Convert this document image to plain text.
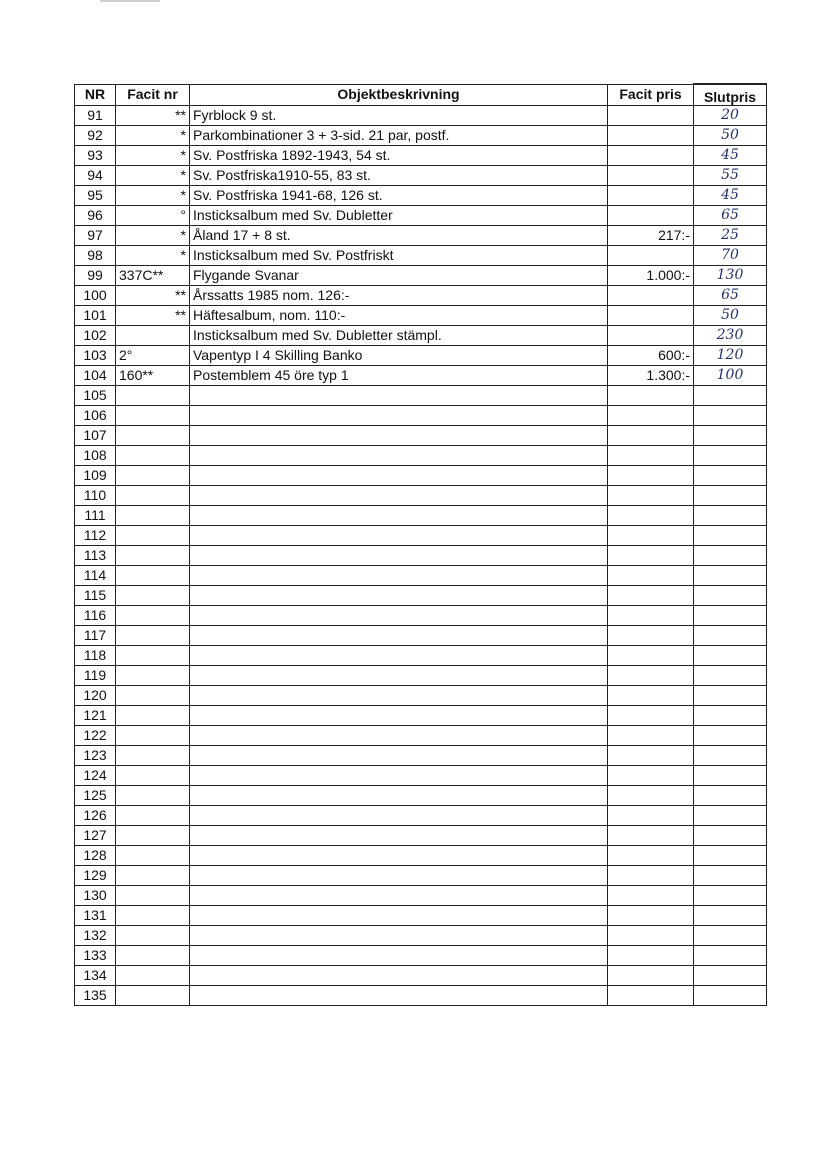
NR	Facit nr	Objektbeskrivning	Facit pris	Slutpris
91	**	Fyrblock 9 st.		20
92	*	Parkombinationer 3 + 3-sid. 21 par, postf.		50
93	*	Sv. Postfriska 1892-1943, 54 st.		45
94	*	Sv. Postfriska1910-55, 83 st.		55
95	*	Sv. Postfriska 1941-68, 126 st.		45
96	°	Insticksalbum med Sv. Dubletter		65
97	*	Åland 17 + 8 st.	217:-	25
98	*	Insticksalbum med Sv. Postfriskt		70
99	337C**	Flygande Svanar	1.000:-	130
100	**	Årssatts 1985 nom. 126:-		65
101	**	Häftesalbum, nom. 110:-		50
102		Insticksalbum med Sv. Dubletter stämpl.		230
103	2°	Vapentyp I 4 Skilling Banko	600:-	120
104	160**	Postemblem 45 öre typ 1	1.300:-	100
105				
106				
107				
108				
109				
110				
111				
112				
113				
114				
115				
116				
117				
118				
119				
120				
121				
122				
123				
124				
125				
126				
127				
128				
129				
130				
131				
132				
133				
134				
135				
